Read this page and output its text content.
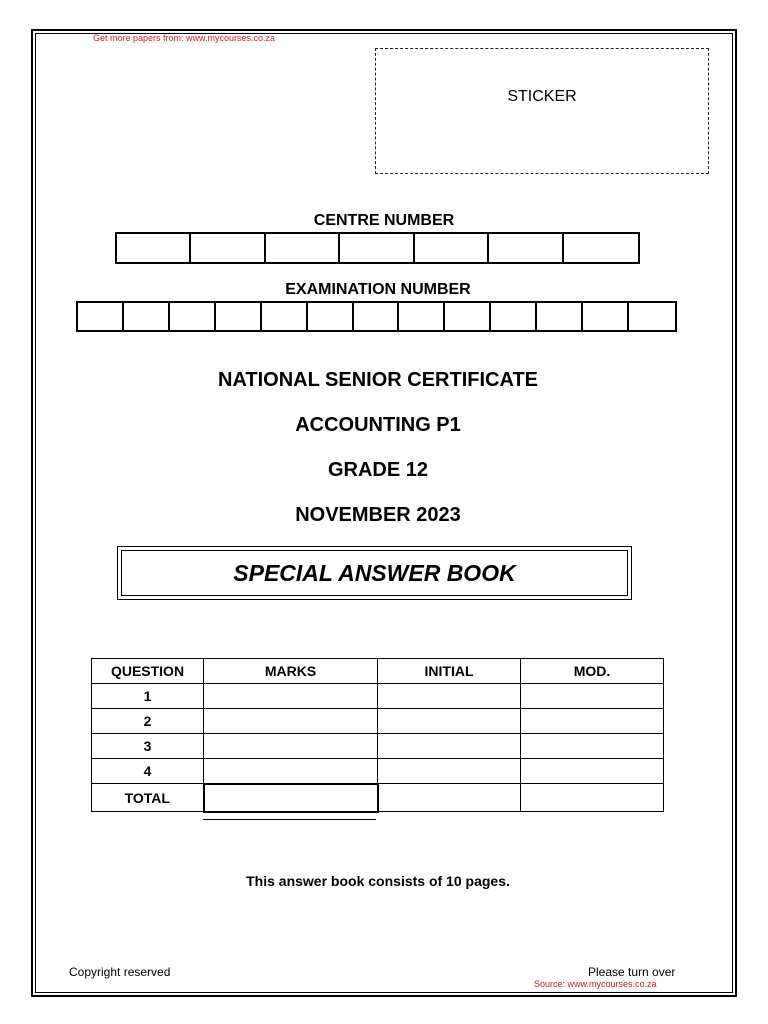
Get more papers from: www.mycourses.co.za
STICKER
CENTRE NUMBER
EXAMINATION NUMBER
NATIONAL SENIOR CERTIFICATE
ACCOUNTING P1
GRADE 12
NOVEMBER 2023
SPECIAL ANSWER BOOK
QUESTION	MARKS	INITIAL	MOD.
1			
2			
3			
4			
TOTAL			
This answer book consists of 10 pages.
Copyright reserved	Please turn over
Source: www.mycourses.co.za
